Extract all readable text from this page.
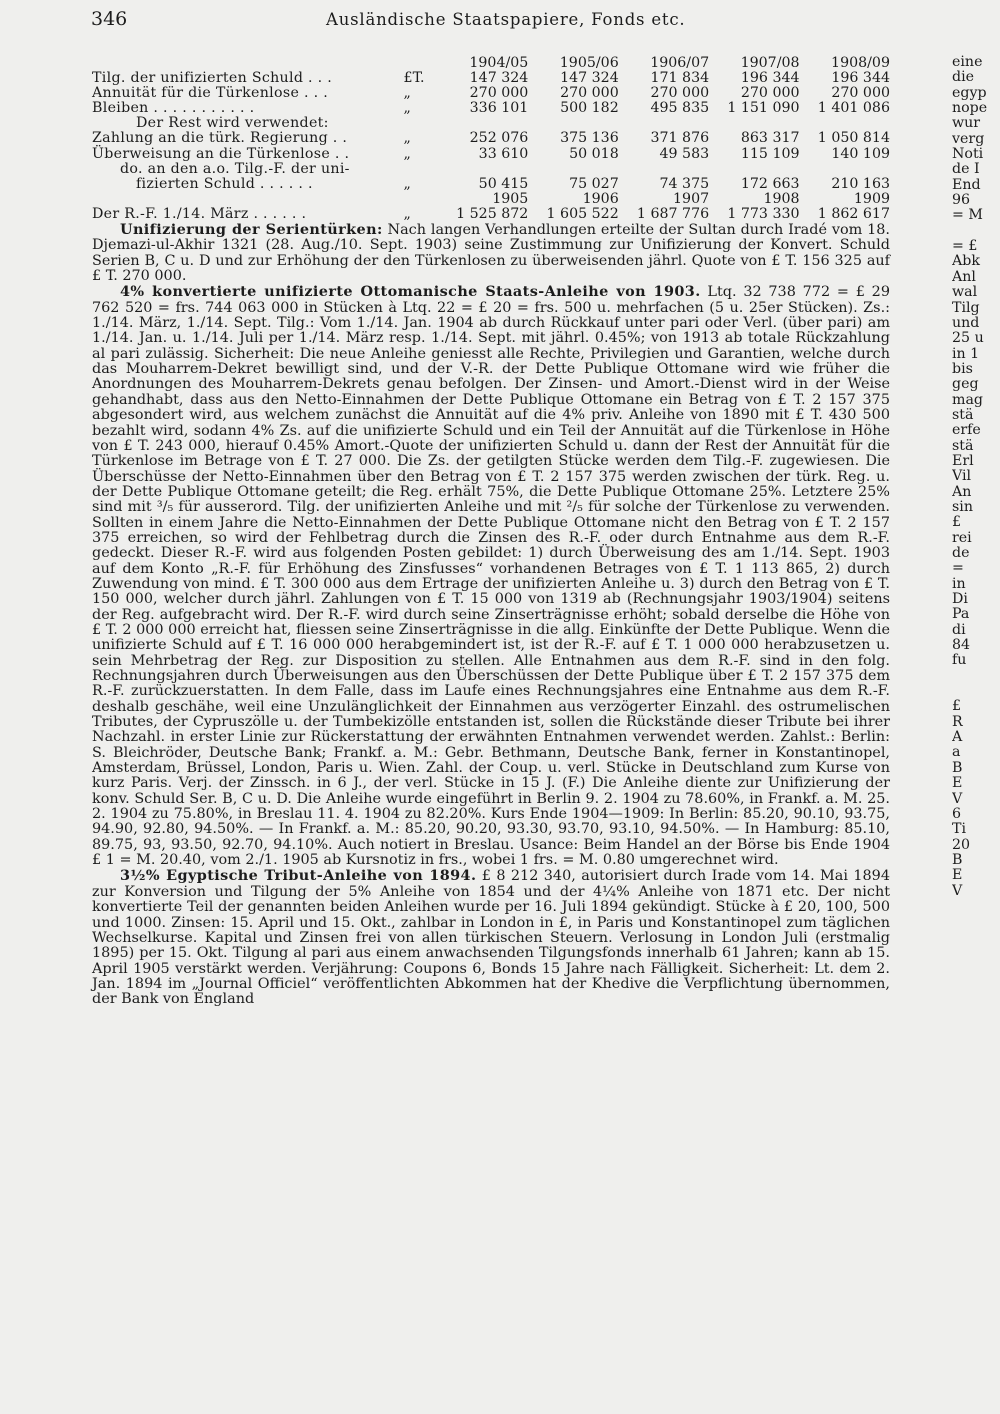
346	Ausländische Staatspapiere, Fonds etc.
		1904/05	1905/06	1906/07	1907/08	1908/09
Tilg. der unifizierten Schuld . . .	£T.	147 324	147 324	171 834	196 344	196 344
Annuität für die Türkenlose . . .	„	270 000	270 000	270 000	270 000	270 000
Bleiben . . . . . . . . . . .	„	336 101	500 182	495 835	1 151 090	1 401 086
Der Rest wird verwendet:						
Zahlung an die türk. Regierung . .	„	252 076	375 136	371 876	863 317	1 050 814
Überweisung an die Türkenlose . .	„	33 610	50 018	49 583	115 109	140 109
do. an den a.o. Tilg.-F. der uni-						
fizierten Schuld . . . . . .	„	50 415	75 027	74 375	172 663	210 163
		1905	1906	1907	1908	1909
Der R.-F. 1./14. März . . . . . .	„	1 525 872	1 605 522	1 687 776	1 773 330	1 862 617

Unifizierung der Serientürken: Nach langen Verhandlungen erteilte der Sultan durch Iradé vom 18. Djemazi-ul-Akhir 1321 (28. Aug./10. Sept. 1903) seine Zustimmung zur Unifizierung der Konvert. Schuld Serien B, C u. D und zur Erhöhung der den Türkenlosen zu überweisenden jährl. Quote von £ T. 156 325 auf £ T. 270 000.

4% konvertierte unifizierte Ottomanische Staats-Anleihe von 1903. Ltq. 32 738 772 = £ 29 762 520 = frs. 744 063 000 in Stücken à Ltq. 22 = £ 20 = frs. 500 u. mehrfachen (5 u. 25er Stücken). Zs.: 1./14. März, 1./14. Sept. Tilg.: Vom 1./14. Jan. 1904 ab durch Rückkauf unter pari oder Verl. (über pari) am 1./14. Jan. u. 1./14. Juli per 1./14. März resp. 1./14. Sept. mit jährl. 0.45%; von 1913 ab totale Rückzahlung al pari zulässig. Sicherheit: Die neue Anleihe geniesst alle Rechte, Privilegien und Garantien, welche durch das Mouharrem-Dekret bewilligt sind, und der V.-R. der Dette Publique Ottomane wird wie früher die Anordnungen des Mouharrem-Dekrets genau befolgen. Der Zinsen- und Amort.-Dienst wird in der Weise gehandhabt, dass aus den Netto-Einnahmen der Dette Publique Ottomane ein Betrag von £ T. 2 157 375 abgesondert wird, aus welchem zunächst die Annuität auf die 4% priv. Anleihe von 1890 mit £ T. 430 500 bezahlt wird, sodann 4% Zs. auf die unifizierte Schuld und ein Teil der Annuität auf die Türkenlose in Höhe von £ T. 243 000, hierauf 0.45% Amort.-Quote der unifizierten Schuld u. dann der Rest der Annuität für die Türkenlose im Betrage von £ T. 27 000. Die Zs. der getilgten Stücke werden dem Tilg.-F. zugewiesen. Die Überschüsse der Netto-Einnahmen über den Betrag von £ T. 2 157 375 werden zwischen der türk. Reg. u. der Dette Publique Ottomane geteilt; die Reg. erhält 75%, die Dette Publique Ottomane 25%. Letztere 25% sind mit ³/₅ für ausserord. Tilg. der unifizierten Anleihe und mit ²/₅ für solche der Türkenlose zu verwenden. Sollten in einem Jahre die Netto-Einnahmen der Dette Publique Ottomane nicht den Betrag von £ T. 2 157 375 erreichen, so wird der Fehlbetrag durch die Zinsen des R.-F. oder durch Entnahme aus dem R.-F. gedeckt. Dieser R.-F. wird aus folgenden Posten gebildet: 1) durch Überweisung des am 1./14. Sept. 1903 auf dem Konto „R.-F. für Erhöhung des Zinsfusses“ vorhandenen Betrages von £ T. 1 113 865, 2) durch Zuwendung von mind. £ T. 300 000 aus dem Ertrage der unifizierten Anleihe u. 3) durch den Betrag von £ T. 150 000, welcher durch jährl. Zahlungen von £ T. 15 000 von 1319 ab (Rechnungsjahr 1903/1904) seitens der Reg. aufgebracht wird. Der R.-F. wird durch seine Zinserträgnisse erhöht; sobald derselbe die Höhe von £ T. 2 000 000 erreicht hat, fliessen seine Zinserträgnisse in die allg. Einkünfte der Dette Publique. Wenn die unifizierte Schuld auf £ T. 16 000 000 herabgemindert ist, ist der R.-F. auf £ T. 1 000 000 herabzusetzen u. sein Mehrbetrag der Reg. zur Disposition zu stellen. Alle Entnahmen aus dem R.-F. sind in den folg. Rechnungsjahren durch Überweisungen aus den Überschüssen der Dette Publique über £ T. 2 157 375 dem R.-F. zurückzuerstatten. In dem Falle, dass im Laufe eines Rechnungsjahres eine Entnahme aus dem R.-F. deshalb geschähe, weil eine Unzulänglichkeit der Einnahmen aus verzögerter Einzahl. des ostrumelischen Tributes, der Cypruszölle u. der Tumbekizölle entstanden ist, sollen die Rückstände dieser Tribute bei ihrer Nachzahl. in erster Linie zur Rückerstattung der erwähnten Entnahmen verwendet werden. Zahlst.: Berlin: S. Bleichröder, Deutsche Bank; Frankf. a. M.: Gebr. Bethmann, Deutsche Bank, ferner in Konstantinopel, Amsterdam, Brüssel, London, Paris u. Wien. Zahl. der Coup. u. verl. Stücke in Deutschland zum Kurse von kurz Paris. Verj. der Zinssch. in 6 J., der verl. Stücke in 15 J. (F.) Die Anleihe diente zur Unifizierung der konv. Schuld Ser. B, C u. D. Die Anleihe wurde eingeführt in Berlin 9. 2. 1904 zu 78.60%, in Frankf. a. M. 25. 2. 1904 zu 75.80%, in Breslau 11. 4. 1904 zu 82.20%. Kurs Ende 1904—1909: In Berlin: 85.20, 90.10, 93.75, 94.90, 92.80, 94.50%. — In Frankf. a. M.: 85.20, 90.20, 93.30, 93.70, 93.10, 94.50%. — In Hamburg: 85.10, 89.75, 93, 93.50, 92.70, 94.10%. Auch notiert in Breslau. Usance: Beim Handel an der Börse bis Ende 1904 £ 1 = M. 20.40, vom 2./1. 1905 ab Kursnotiz in frs., wobei 1 frs. = M. 0.80 umgerechnet wird.

3½% Egyptische Tribut-Anleihe von 1894. £ 8 212 340, autorisiert durch Irade vom 14. Mai 1894 zur Konversion und Tilgung der 5% Anleihe von 1854 und der 4¼% Anleihe von 1871 etc. Der nicht konvertierte Teil der genannten beiden Anleihen wurde per 16. Juli 1894 gekündigt. Stücke à £ 20, 100, 500 und 1000. Zinsen: 15. April und 15. Okt., zahlbar in London in £, in Paris und Konstantinopel zum täglichen Wechselkurse. Kapital und Zinsen frei von allen türkischen Steuern. Verlosung in London Juli (erstmalig 1895) per 15. Okt. Tilgung al pari aus einem anwachsenden Tilgungsfonds innerhalb 61 Jahren; kann ab 15. April 1905 verstärkt werden. Verjährung: Coupons 6, Bonds 15 Jahre nach Fälligkeit. Sicherheit: Lt. dem 2. Jan. 1894 im „Journal Officiel“ veröffentlichten Abkommen hat der Khedive die Verpflichtung übernommen, der Bank von England

eine
die
egyp
nope
wur
verg
Noti
de I
End
96
= M
= £
Abk
Anl
wal
Tilg
und
25 u
in 1
bis
geg
mag
stä
erfe
stä
Erl
Vil
An
sin
£
rei
de
=
in
Di
Pa
di
84
fu
£
R
A
a
B
E
V
6
Ti
20
B
E
V
